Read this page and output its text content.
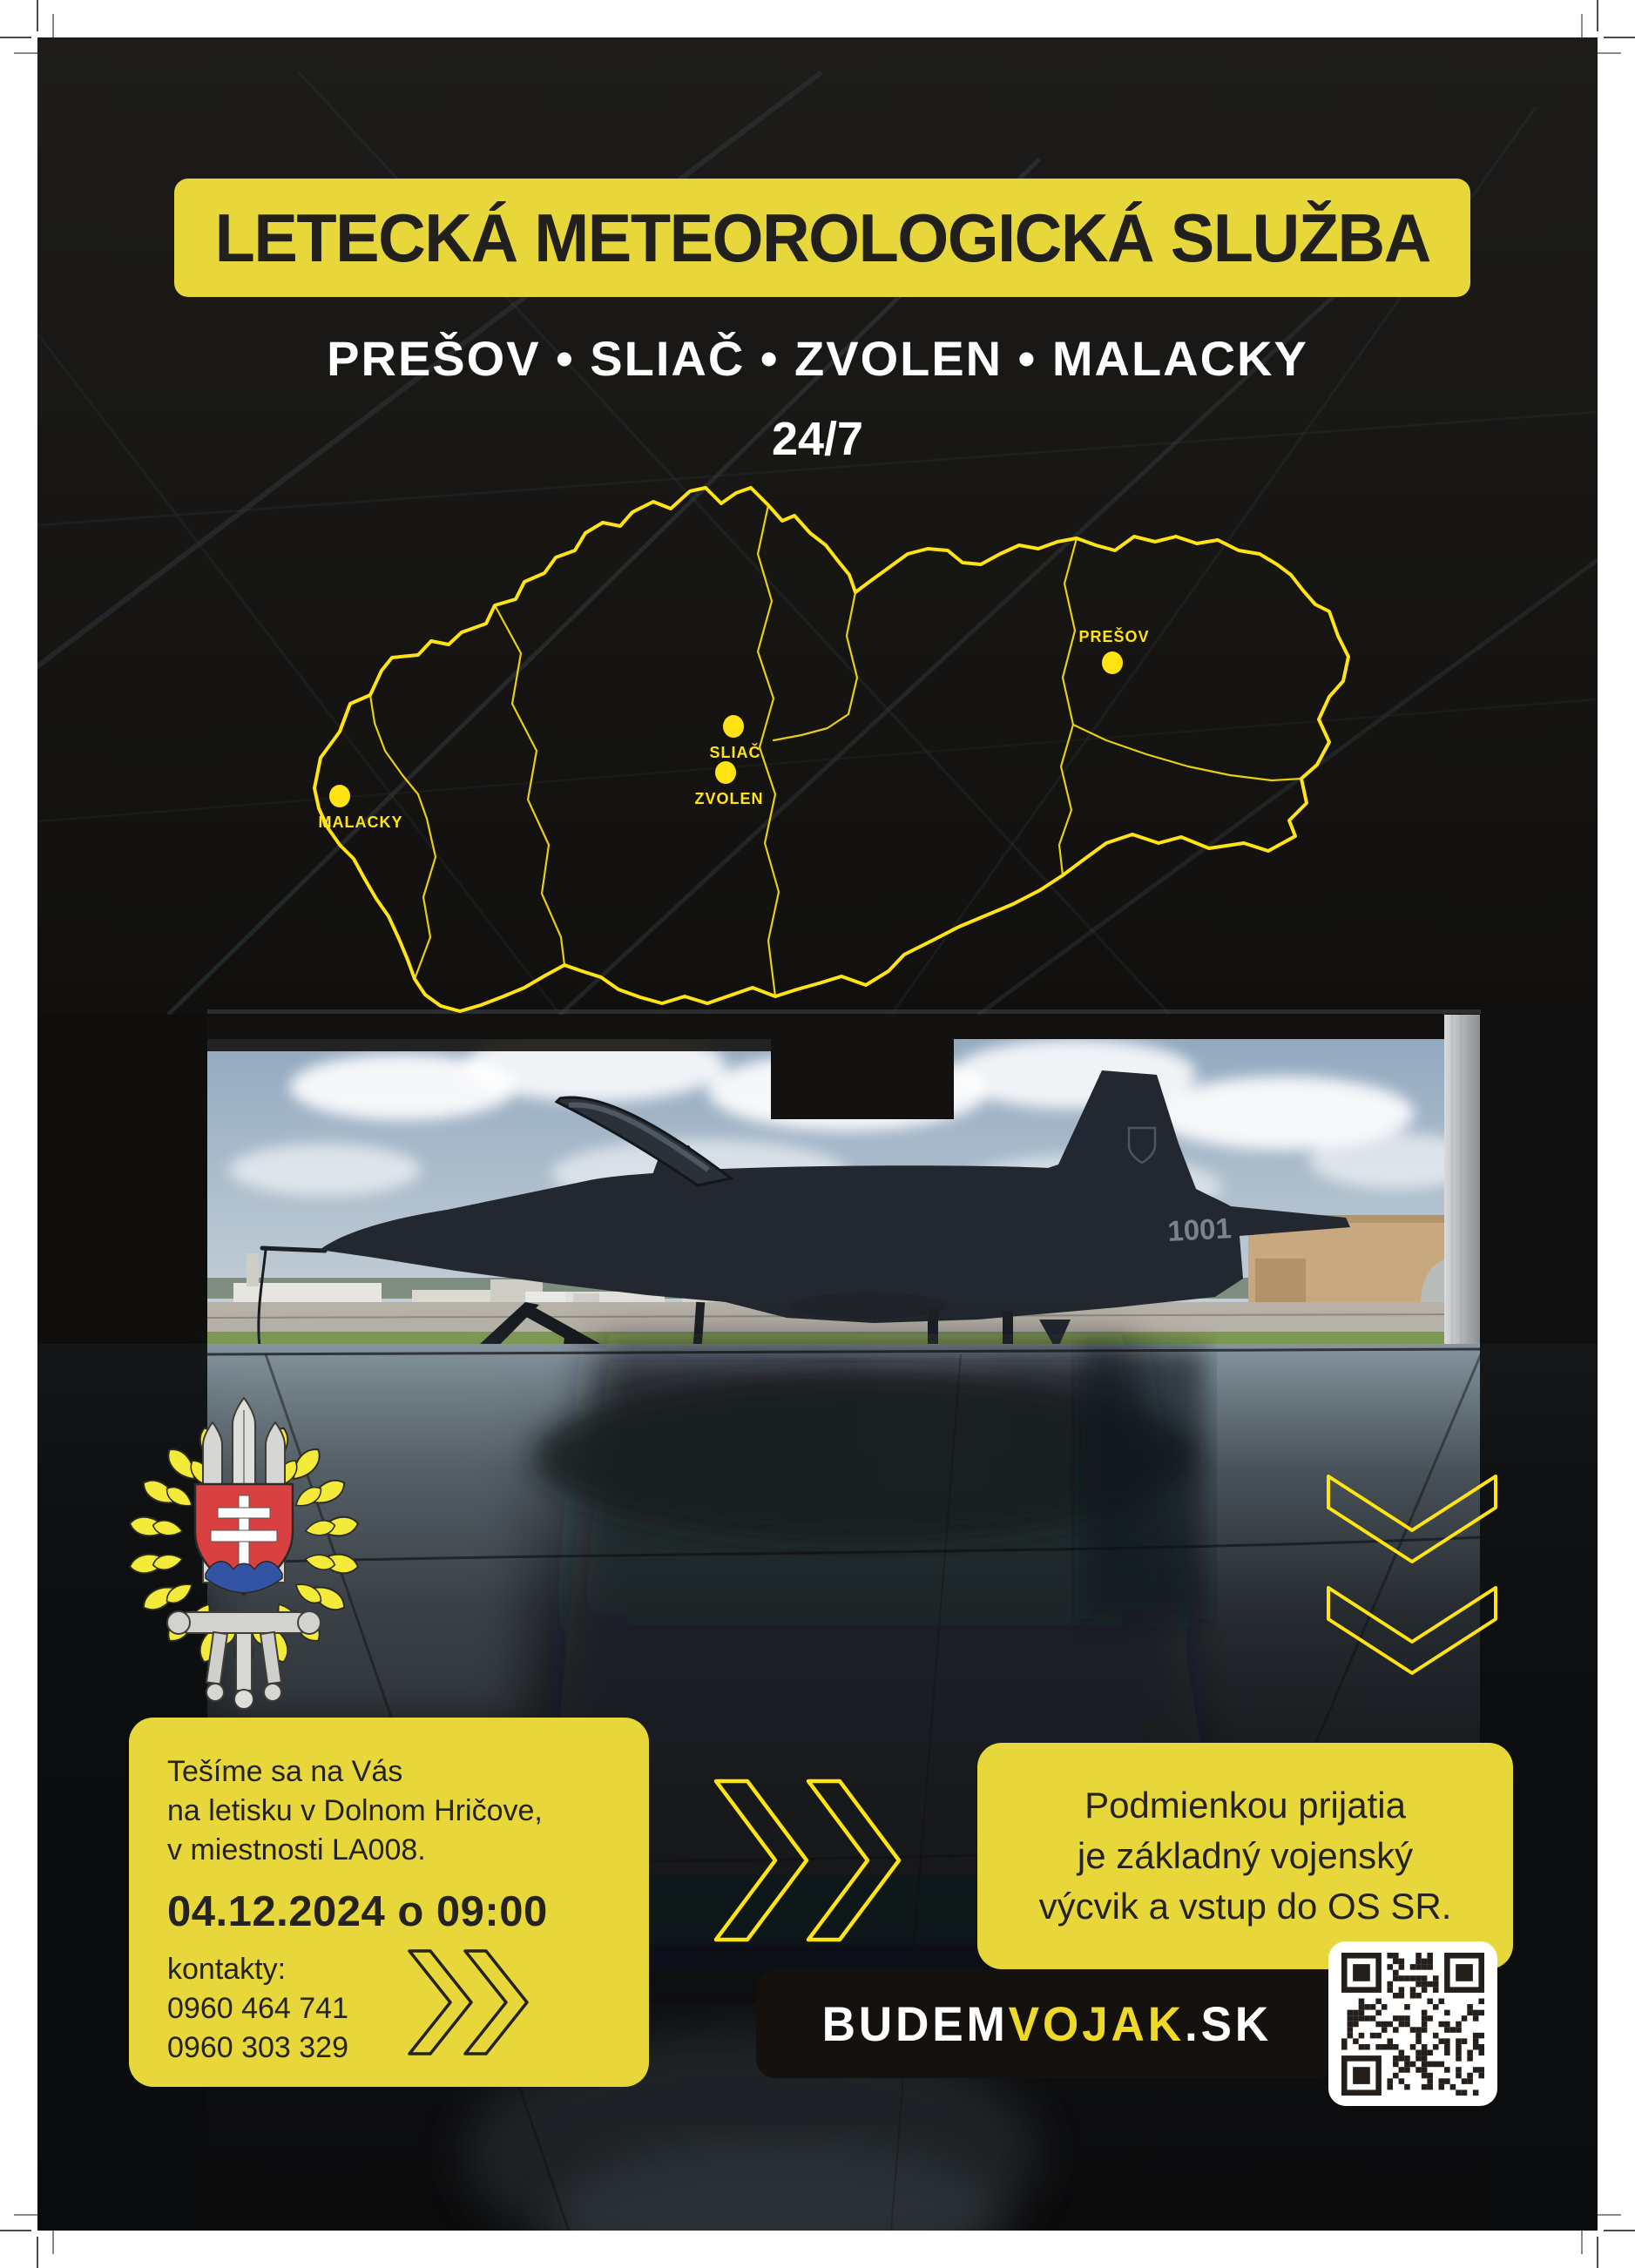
1001
PREŠOV
SLIAČ
ZVOLEN
MALACKY
LETECKÁ METEOROLOGICKÁ SLUŽBA
PREŠOV • SLIAČ • ZVOLEN • MALACKY
24/7
Tešíme sa na Vás
na letisku v Dolnom Hričove,
v miestnosti LA008.
04.12.2024 o 09:00
kontakty:
0960 464 741
0960 303 329
Podmienkou prijatia
je základný vojenský
výcvik a vstup do OS SR.
BUDEMVOJAK.SK
